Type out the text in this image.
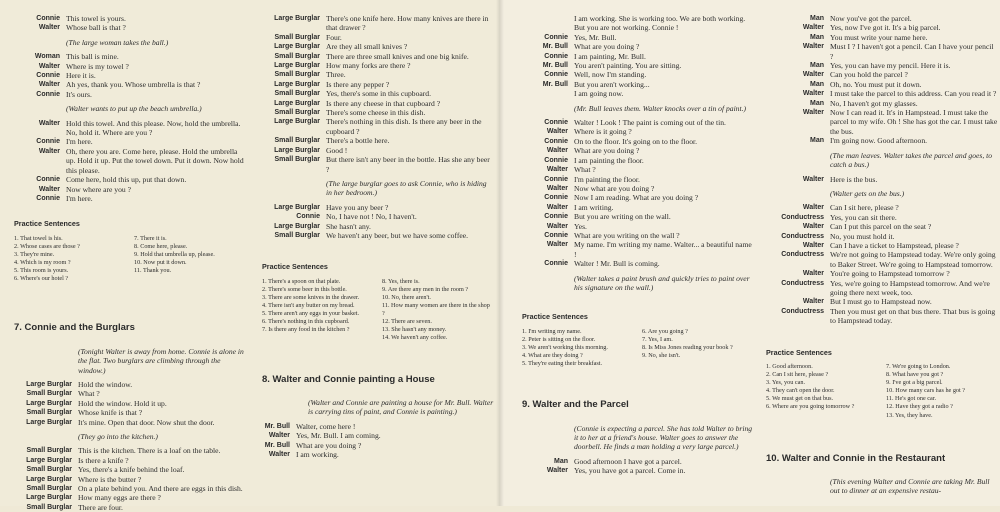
Connie This towel is yours.
Walter Whose ball is that ?
(The large woman takes the ball.)
Woman This ball is mine.
Walter Where is my towel ?
Connie Here it is.
Walter Ah yes, thank you. Whose umbrella is that ?
Connie It's ours.
(Walter wants to put up the beach umbrella.)
Walter Hold this towel. And this please. Now, hold the umbrella. No, hold it. Where are you ?
Connie I'm here.
Walter Oh, there you are. Come here, please. Hold the umbrella up. Hold it up. Put the towel down. Put it down. Now hold this please.
Connie Come here, hold this up, put that down.
Walter Now where are you ?
Connie I'm here.
Practice Sentences
1. That towel is his.
2. Whose cases are those ?
3. They're mine.
4. Which is my room ?
5. This room is yours.
6. Where's our hotel ?
7. There it is.
8. Come here, please.
9. Hold that umbrella up, please.
10. Now put it down.
11. Thank you.
7. Connie and the Burglars
(Tonight Walter is away from home. Connie is alone in the flat. Two burglars are climbing through the window.)
Large Burglar Hold the window.
Small Burglar What ?
Large Burglar Hold the window. Hold it up.
Small Burglar Whose knife is that ?
Large Burglar It's mine. Open that door. Now shut the door.
(They go into the kitchen.)
Small Burglar This is the kitchen. There is a loaf on the table.
Large Burglar Is there a knife ?
Small Burglar Yes, there's a knife behind the loaf.
Large Burglar Where is the butter ?
Small Burglar On a plate behind you. And there are eggs in this dish.
Large Burglar How many eggs are there ?
Small Burglar There are four.
Large Burglar There's one knife here. How many knives are there in that drawer ?
Small Burglar Four.
Large Burglar Are they all small knives ?
Small Burglar There are three small knives and one big knife.
Large Burglar How many forks are there ?
Small Burglar Three.
Large Burglar Is there any pepper ?
Small Burglar Yes, there's some in this cupboard.
Large Burglar Is there any cheese in that cupboard ?
Small Burglar There's some cheese in this dish.
Large Burglar There's nothing in this dish. Is there any beer in the cupboard ?
Small Burglar There's a bottle here.
Large Burglar Good !
Small Burglar But there isn't any beer in the bottle. Has she any beer ?
(The large burglar goes to ask Connie, who is hiding in her bedroom.)
Large Burglar Have you any beer ?
Connie No, I have not ! No, I haven't.
Large Burglar She hasn't any.
Small Burglar We haven't any beer, but we have some coffee.
Practice Sentences
1. There's a spoon on that plate.
2. There's some beer in this bottle.
3. There are some knives in the drawer.
4. There isn't any butter on my bread.
5. There aren't any eggs in your basket.
6. There's nothing in this cupboard.
7. Is there any food in the kitchen ?
8. Yes, there is.
9. Are there any men in the room ?
10. No, there aren't.
11. How many women are there in the shop ?
12. There are seven.
13. She hasn't any money.
14. We haven't any coffee.
8. Walter and Connie painting a House
(Walter and Connie are painting a house for Mr. Bull. Walter is carrying tins of paint, and Connie is painting.)
Mr. Bull Walter, come here !
Walter Yes, Mr. Bull. I am coming.
Mr. Bull What are you doing ?
Walter I am working.
I am working. She is working too. We are both working. But you are not working. Connie !
Connie Yes, Mr. Bull.
Mr. Bull What are you doing ?
Connie I am painting, Mr. Bull.
Mr. Bull You aren't painting. You are sitting.
Connie Well, now I'm standing.
Mr. Bull But you aren't working...
I am going now.
(Mr. Bull leaves them. Walter knocks over a tin of paint.)
Connie Walter ! Look ! The paint is coming out of the tin.
Walter Where is it going ?
Connie On to the floor. It's going on to the floor.
Walter What are you doing ?
Connie I am painting the floor.
Walter What ?
Connie I'm painting the floor.
Walter Now what are you doing ?
Connie Now I am reading. What are you doing ?
Walter I am writing.
Connie But you are writing on the wall.
Walter Yes.
Connie What are you writing on the wall ?
Walter My name. I'm writing my name. Walter... a beautiful name !
Connie Walter ! Mr. Bull is coming.
(Walter takes a paint brush and quickly tries to paint over his signature on the wall.)
Practice Sentences
1. I'm writing my name.
2. Peter is sitting on the floor.
3. We aren't working this morning.
4. What are they doing ?
5. They're eating their breakfast.
6. Are you going ?
7. Yes, I am.
8. Is Miss Jones reading your book ?
9. No, she isn't.
9. Walter and the Parcel
(Connie is expecting a parcel. She has told Walter to bring it to her at a friend's house. Walter goes to answer the doorbell. He finds a man holding a very large parcel.)
Man Good afternoon I have got a parcel.
Walter Yes, you have got a parcel. Come in.
Man Now you've got the parcel.
Walter Yes, now I've got it. It's a big parcel.
Man You must write your name here.
Walter Must I ? I haven't got a pencil. Can I have your pencil ?
Man Yes, you can have my pencil. Here it is.
Walter Can you hold the parcel ?
Man Oh, no. You must put it down.
Walter I must take the parcel to this address. Can you read it ?
Man No, I haven't got my glasses.
Walter Now I can read it. It's in Hampstead. I must take the parcel to my wife. Oh ! She has got the car. I must take the bus.
Man I'm going now. Good afternoon.
(The man leaves. Walter takes the parcel and goes, to catch a bus.)
Walter Here is the bus.
(Walter gets on the bus.)
Walter Can I sit here, please ?
Conductress Yes, you can sit there.
Walter Can I put this parcel on the seat ?
Conductress No, you must hold it.
Walter Can I have a ticket to Hampstead, please ?
Conductress We're not going to Hampstead today. We're only going to Baker Street. We're going to Hampstead tomorrow.
Walter You're going to Hampstead tomorrow ?
Conductress Yes, we're going to Hampstead tomorrow. And we're going there next week, too.
Walter But I must go to Hampstead now.
Conductress Then you must get on that bus there. That bus is going to Hampstead today.
Practice Sentences
1. Good afternoon.
2. Can I sit here, please ?
3. Yes, you can.
4. They can't open the door.
5. We must get on that bus.
6. Where are you going tomorrow ?
7. We're going to London.
8. What have you got ?
9. I've got a big parcel.
10. How many cars has he got ?
11. He's got one car.
12. Have they got a radio ?
13. Yes, they have.
10. Walter and Connie in the Restaurant
(This evening Walter and Connie are taking Mr. Bull out to dinner at an expensive restau-
